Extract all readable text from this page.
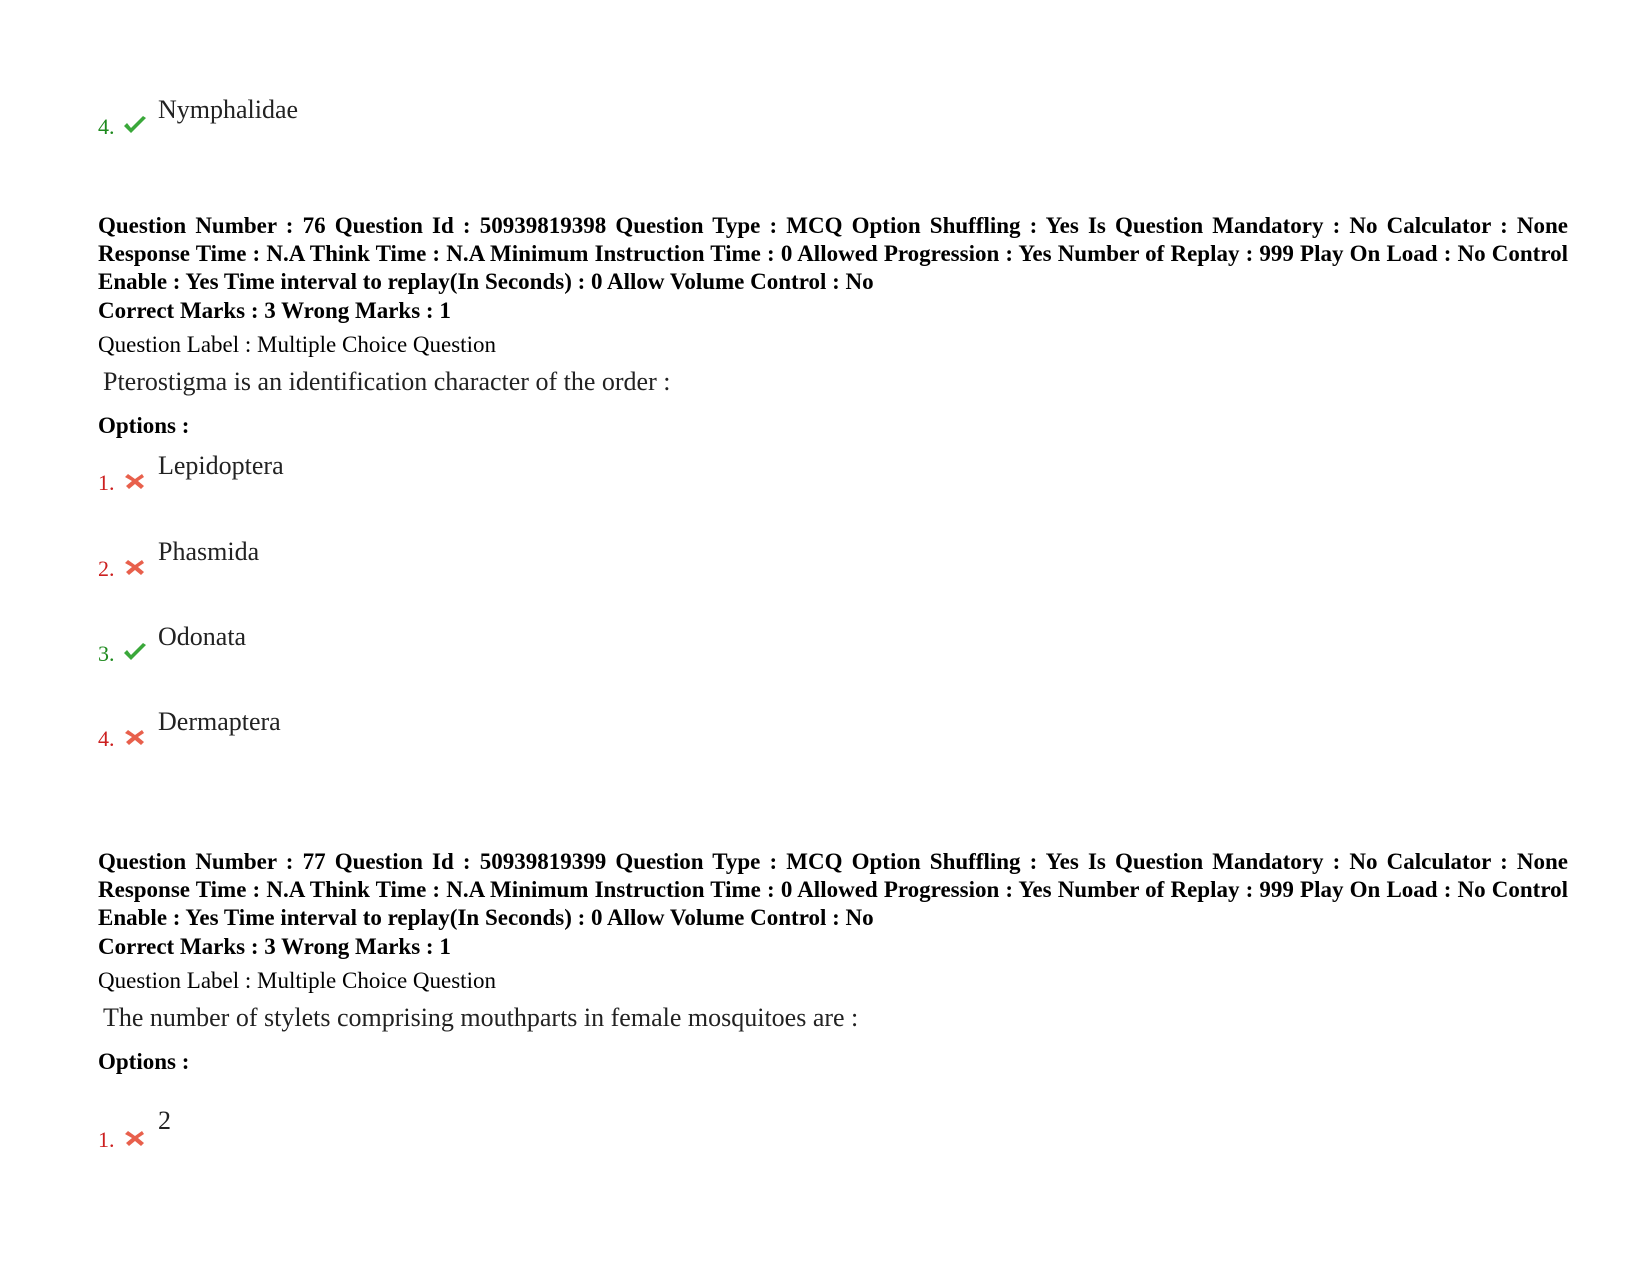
4.
Nymphalidae
Question Number : 76 Question Id : 50939819398 Question Type : MCQ Option Shuffling : Yes Is Question Mandatory : No Calculator : None Response Time : N.A Think Time : N.A Minimum Instruction Time : 0 Allowed Progression : Yes Number of Replay : 999 Play On Load : No Control Enable : Yes Time interval to replay(In Seconds) : 0 Allow Volume Control : No
Correct Marks : 3 Wrong Marks : 1
Question Label : Multiple Choice Question
Pterostigma is an identification character of the order :
Options :
1.
Lepidoptera
2.
Phasmida
3.
Odonata
4.
Dermaptera
Question Number : 77 Question Id : 50939819399 Question Type : MCQ Option Shuffling : Yes Is Question Mandatory : No Calculator : None Response Time : N.A Think Time : N.A Minimum Instruction Time : 0 Allowed Progression : Yes Number of Replay : 999 Play On Load : No Control Enable : Yes Time interval to replay(In Seconds) : 0 Allow Volume Control : No
Correct Marks : 3 Wrong Marks : 1
Question Label : Multiple Choice Question
The number of stylets comprising mouthparts in female mosquitoes are :
Options :
1.
2
